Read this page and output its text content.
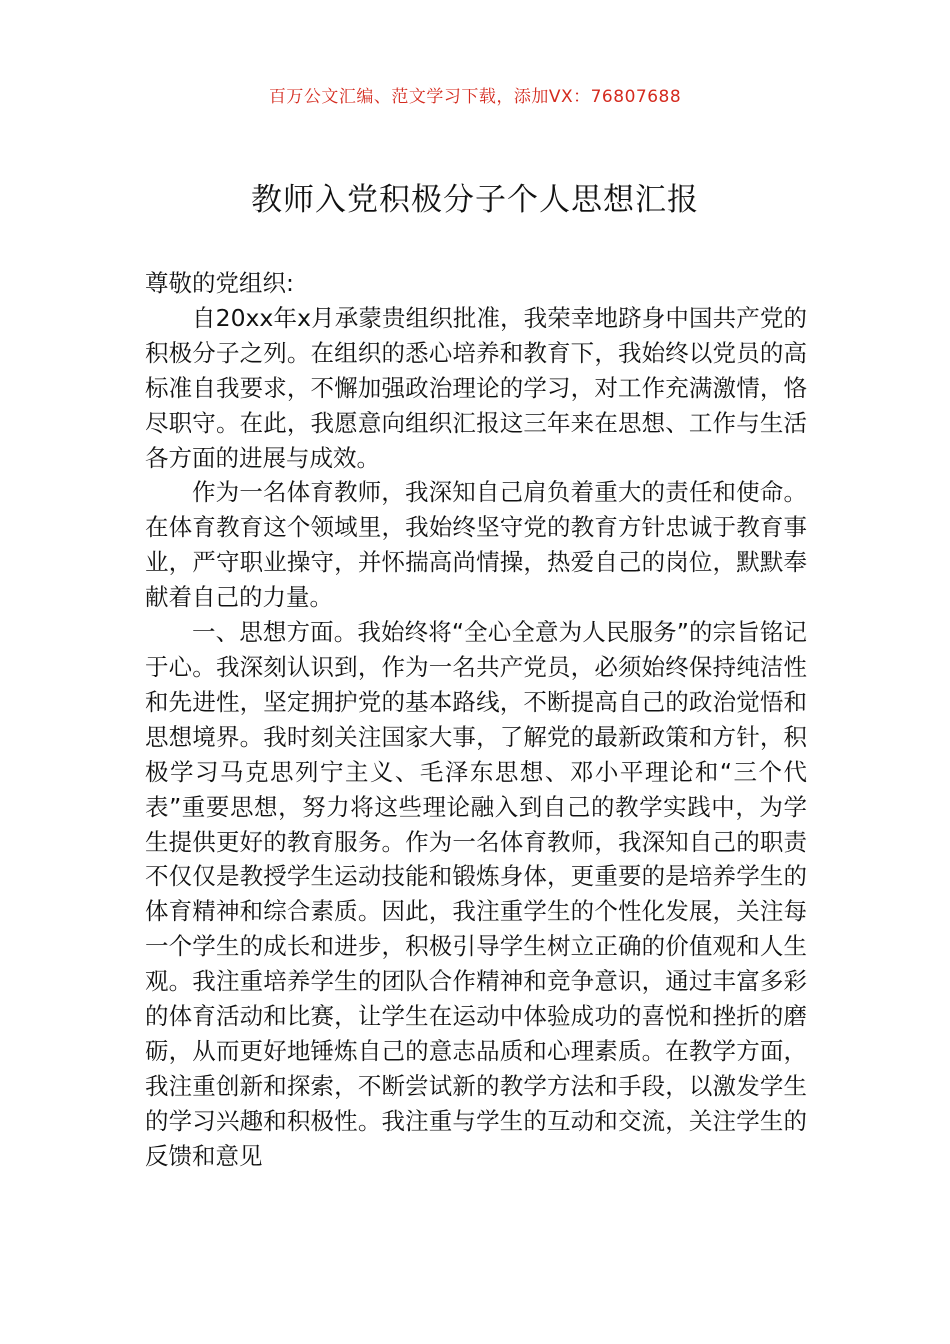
百万公文汇编、范文学习下载，添加VX：76807688
教师入党积极分子个人思想汇报

尊敬的党组织:

自20xx年x月承蒙贵组织批准，我荣幸地跻身中国共产党的积极分子之列。在组织的悉心培养和教育下，我始终以党员的高标准自我要求，不懈加强政治理论的学习，对工作充满激情，恪尽职守。在此，我愿意向组织汇报这三年来在思想、工作与生活各方面的进展与成效。

作为一名体育教师，我深知自己肩负着重大的责任和使命。在体育教育这个领域里，我始终坚守党的教育方针忠诚于教育事业，严守职业操守，并怀揣高尚情操，热爱自己的岗位，默默奉献着自己的力量。

一、思想方面。我始终将“全心全意为人民服务”的宗旨铭记于心。我深刻认识到，作为一名共产党员，必须始终保持纯洁性和先进性，坚定拥护党的基本路线，不断提高自己的政治觉悟和思想境界。我时刻关注国家大事，了解党的最新政策和方针，积极学习马克思列宁主义、毛泽东思想、邓小平理论和“三个代表”重要思想，努力将这些理论融入到自己的教学实践中，为学生提供更好的教育服务。作为一名体育教师，我深知自己的职责不仅仅是教授学生运动技能和锻炼身体，更重要的是培养学生的体育精神和综合素质。因此，我注重学生的个性化发展，关注每一个学生的成长和进步，积极引导学生树立正确的价值观和人生观。我注重培养学生的团队合作精神和竞争意识，通过丰富多彩的体育活动和比赛，让学生在运动中体验成功的喜悦和挫折的磨砺，从而更好地锤炼自己的意志品质和心理素质。在教学方面，我注重创新和探索，不断尝试新的教学方法和手段，以激发学生的学习兴趣和积极性。我注重与学生的互动和交流，关注学生的反馈和意见
